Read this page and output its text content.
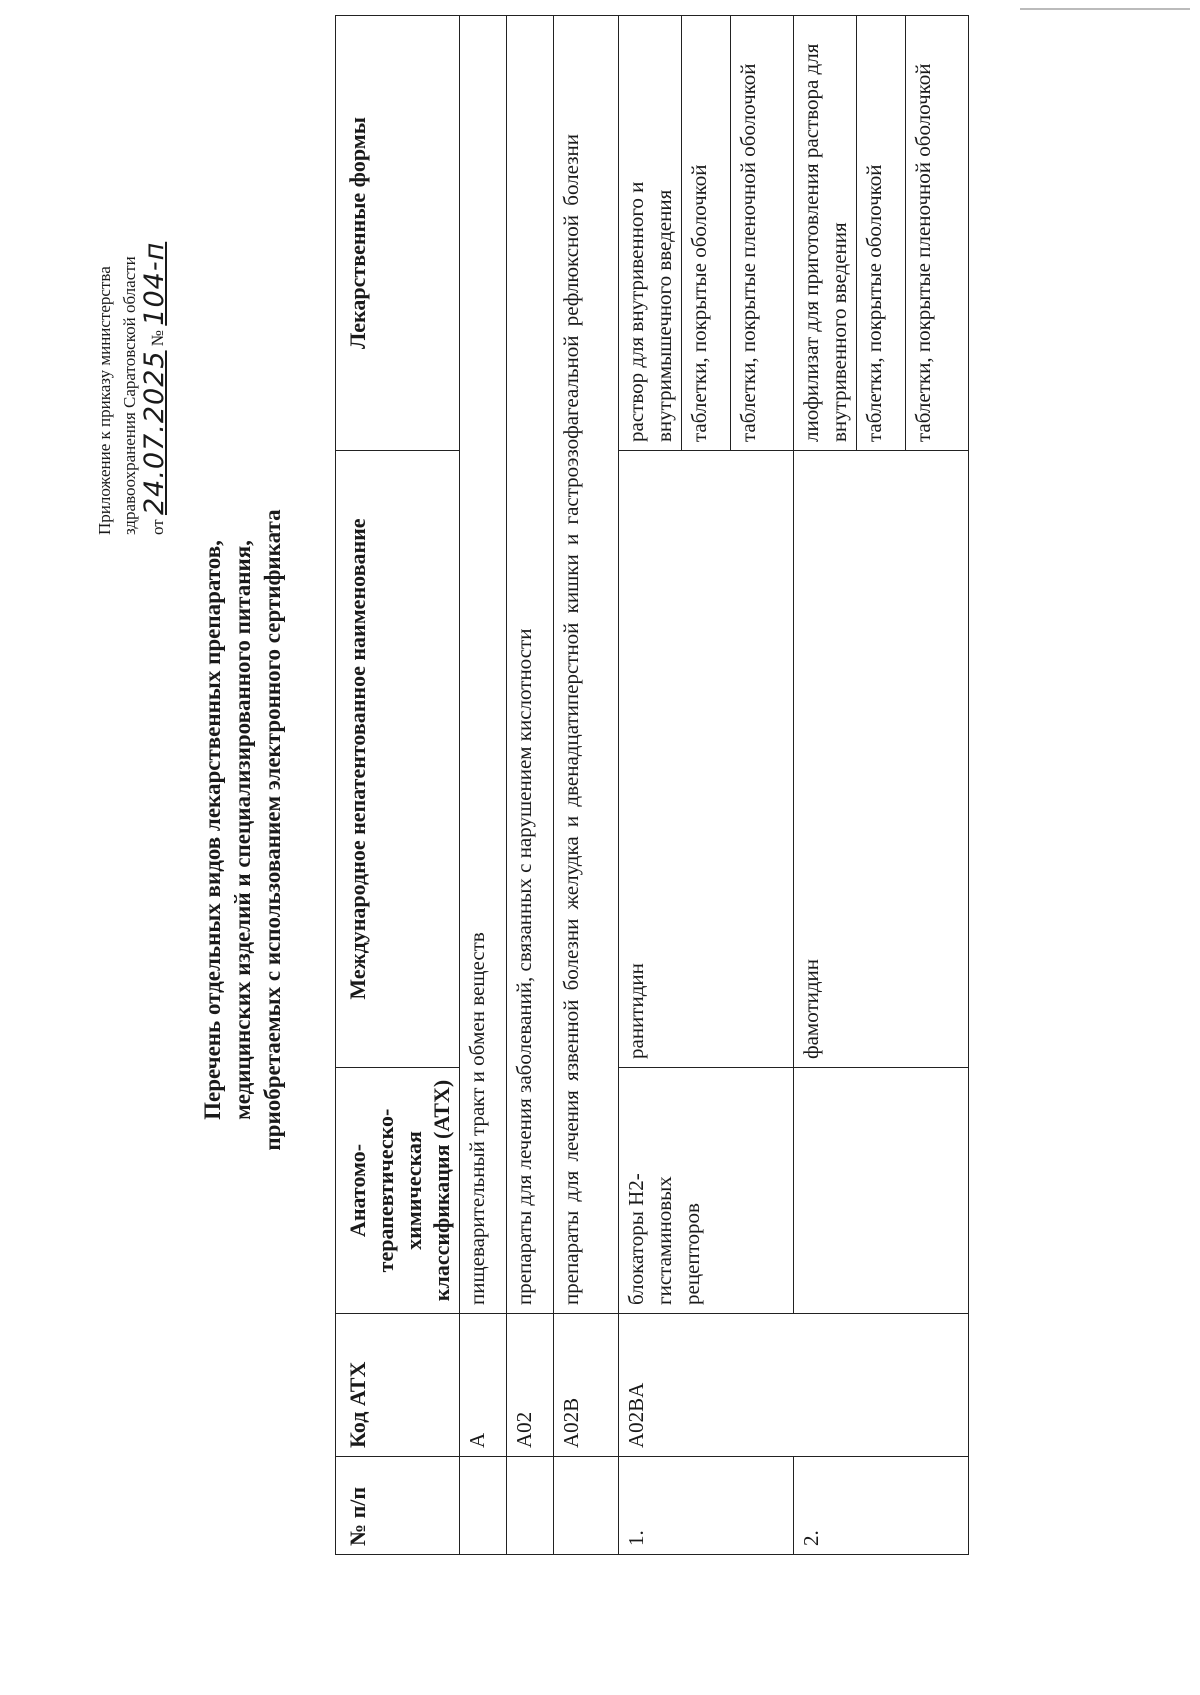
Приложение к приказу министерства здравоохранения Саратовской области от 24.07.2025 № 104-п
Перечень отдельных видов лекарственных препаратов, медицинских изделий и специализированного питания, приобретаемых с использованием электронного сертификата
№ п/п	Код АТХ	Анатомо-терапевтическо-химическая классификация (АТХ)	Международное непатентованное наименование	Лекарственные формы
	А	пищеварительный тракт и обмен веществ		
	А02	препараты для лечения заболеваний, связанных с нарушением кислотности		
	А02В	препараты для лечения язвенной болезни желудка и двенадцатиперстной кишки и гастроэзофагеальной рефлюксной болезни		
1.	A02BA	блокаторы Н2-гистаминовых рецепторов	ранитидин	раствор для внутривенного и внутримышечного введения
				таблетки, покрытые оболочкой
				таблетки, покрытые пленочной оболочкой
2.			фамотидин	лиофилизат для приготовления раствора для внутривенного введения
				таблетки, покрытые оболочкой
				таблетки, покрытые пленочной оболочкой
